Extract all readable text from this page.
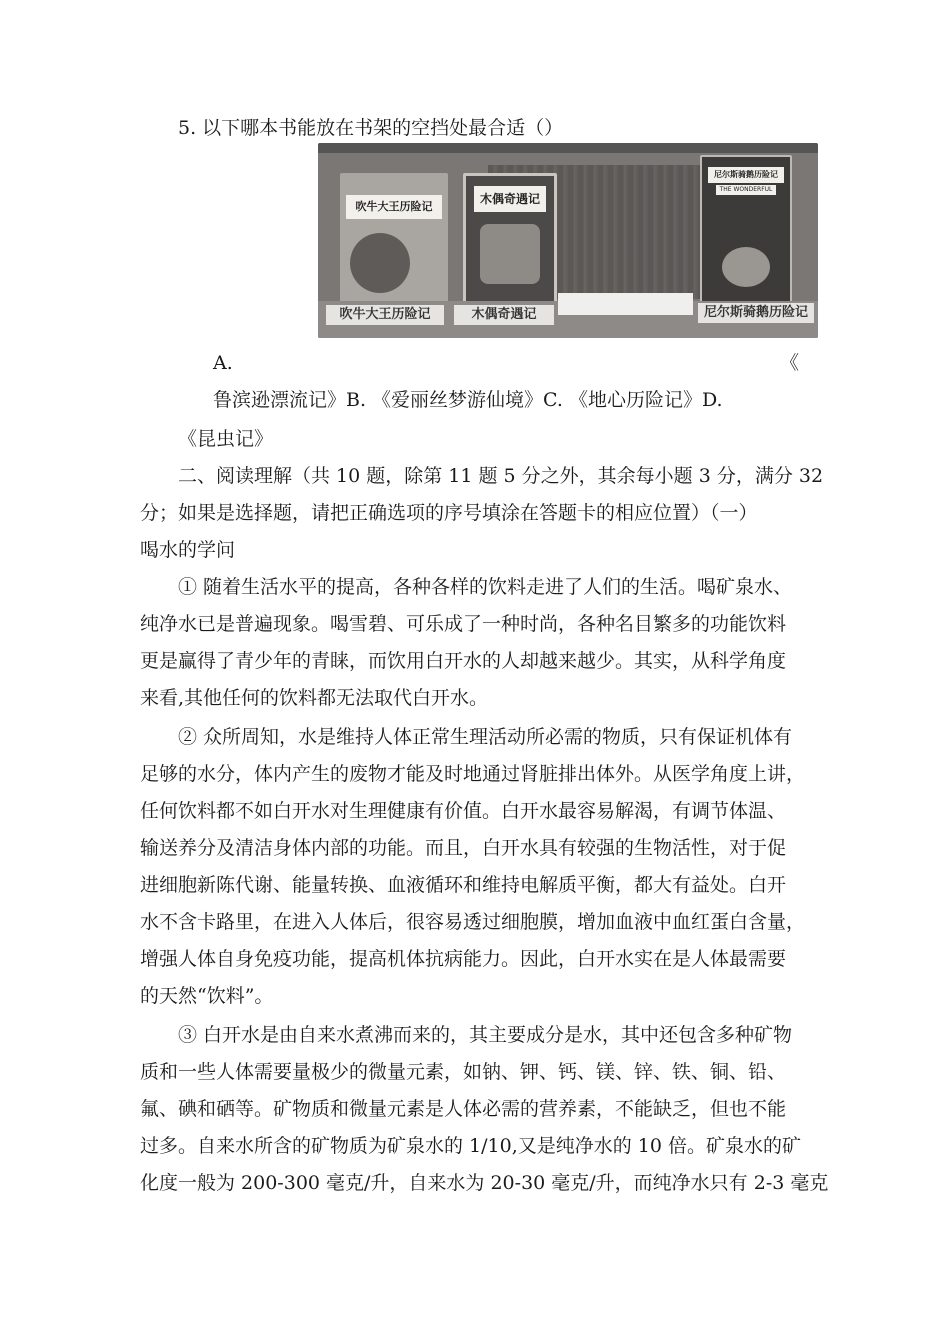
5. 以下哪本书能放在书架的空挡处最合适（）
吹牛大王历险记
木偶奇遇记
尼尔斯骑鹅历险记
THE WONDERFUL
吹牛大王历险记	木偶奇遇记	尼尔斯骑鹅历险记
A.	《
鲁滨逊漂流记》B. 《爱丽丝梦游仙境》C. 《地心历险记》D.
《昆虫记》
二、阅读理解（共 10 题，除第 11 题 5 分之外，其余每小题 3 分，满分 32
分；如果是选择题，请把正确选项的序号填涂在答题卡的相应位置）（一）
喝水的学问
① 随着生活水平的提高，各种各样的饮料走进了人们的生活。喝矿泉水、
纯净水已是普遍现象。喝雪碧、可乐成了一种时尚，各种名目繁多的功能饮料
更是赢得了青少年的青睐，而饮用白开水的人却越来越少。其实，从科学角度
来看,其他任何的饮料都无法取代白开水。
② 众所周知，水是维持人体正常生理活动所必需的物质，只有保证机体有
足够的水分，体内产生的废物才能及时地通过肾脏排出体外。从医学角度上讲，
任何饮料都不如白开水对生理健康有价值。白开水最容易解渴，有调节体温、
输送养分及清洁身体内部的功能。而且，白开水具有较强的生物活性，对于促
进细胞新陈代谢、能量转换、血液循环和维持电解质平衡，都大有益处。白开
水不含卡路里，在进入人体后，很容易透过细胞膜，增加血液中血红蛋白含量，
增强人体自身免疫功能，提高机体抗病能力。因此，白开水实在是人体最需要
的天然“饮料”。
③ 白开水是由自来水煮沸而来的，其主要成分是水，其中还包含多种矿物
质和一些人体需要量极少的微量元素，如钠、钾、钙、镁、锌、铁、铜、铅、
氟、碘和硒等。矿物质和微量元素是人体必需的营养素，不能缺乏，但也不能
过多。自来水所含的矿物质为矿泉水的 1/10,又是纯净水的 10 倍。矿泉水的矿
化度一般为 200-300 毫克/升，自来水为 20-30 毫克/升，而纯净水只有 2-3 毫克
